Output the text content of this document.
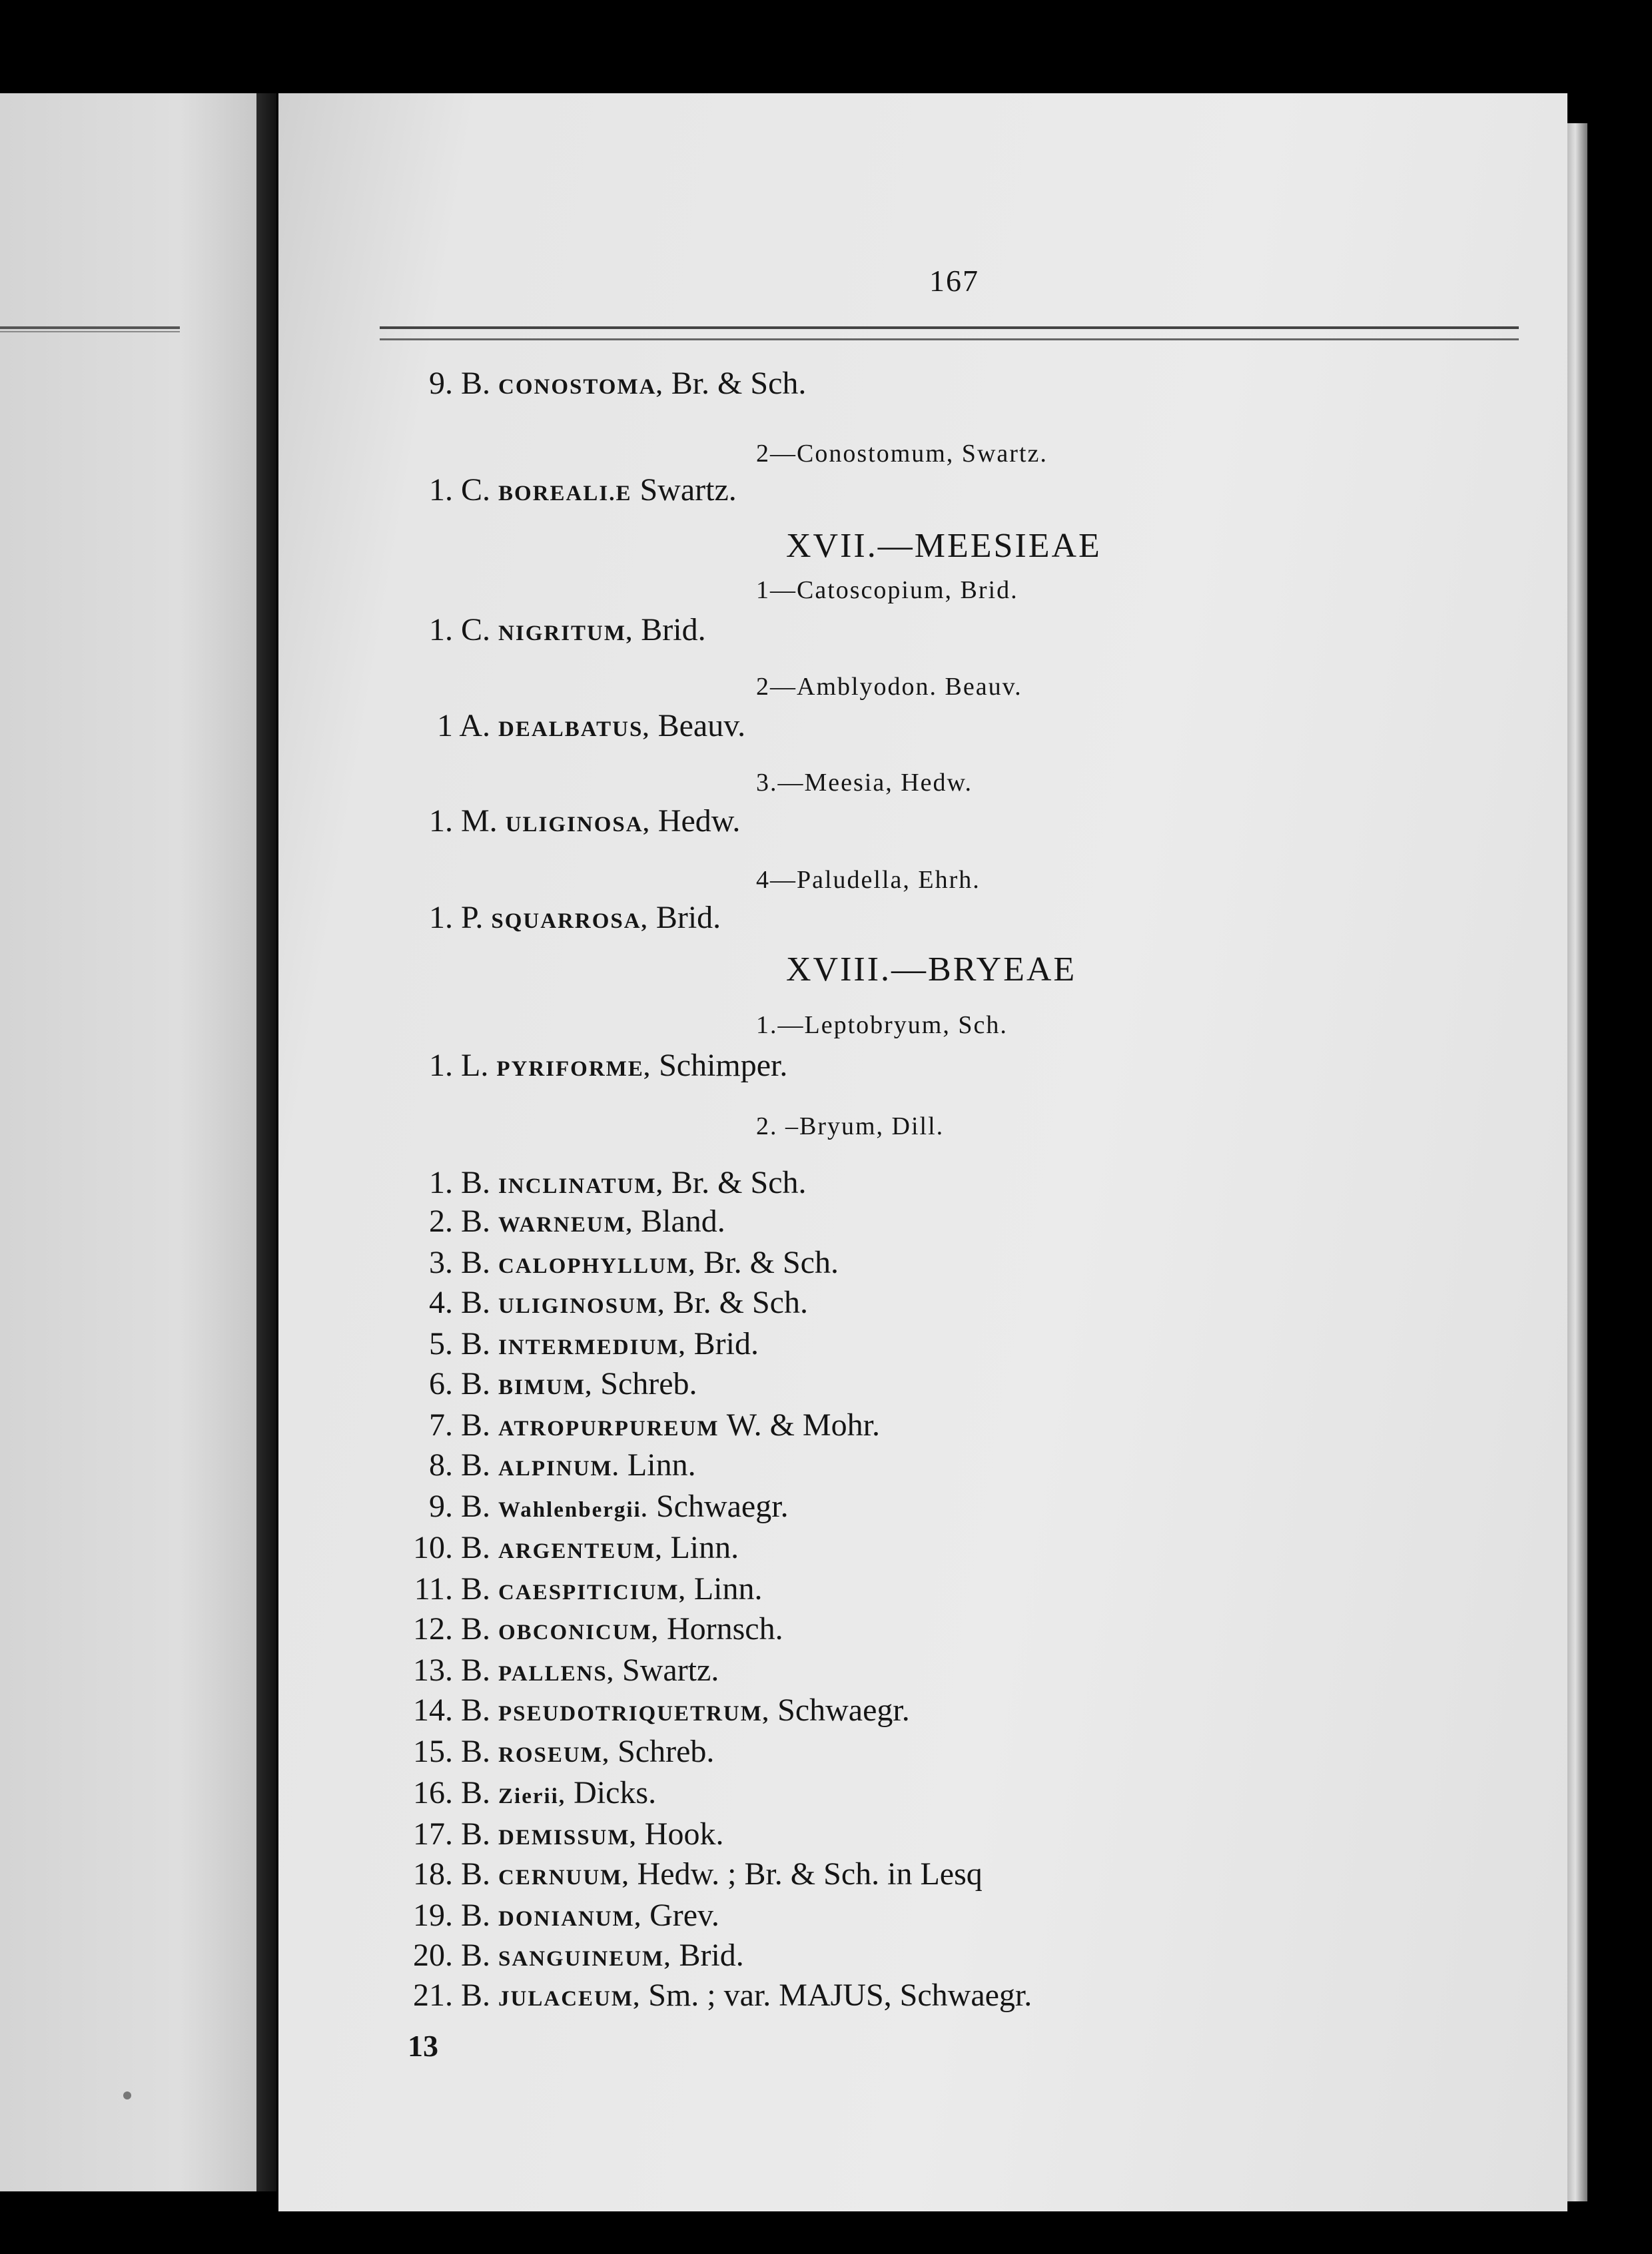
167
9. B. CONOSTOMA, Br. & Sch.
2—Conostomum, Swartz.
1. C. BOREALI.E Swartz.
XVII.—MEESIEAE
1—Catoscopium, Brid.
1. C. NIGRITUM, Brid.
2—Amblyodon. Beauv.
1 A. DEALBATUS, Beauv.
3.—Meesia, Hedw.
1. M. ULIGINOSA, Hedw.
4—Paludella, Ehrh.
1. P. SQUARROSA, Brid.
XVIII.—BRYEAE
1.—Leptobryum, Sch.
1. L. PYRIFORME, Schimper.
2. –Bryum, Dill.
1. B. INCLINATUM, Br. & Sch.
2. B. WARNEUM, Bland.
3. B. CALOPHYLLUM, Br. & Sch.
4. B. ULIGINOSUM, Br. & Sch.
5. B. INTERMEDIUM, Brid.
6. B. BIMUM, Schreb.
7. B. ATROPURPUREUM W. & Mohr.
8. B. ALPINUM. Linn.
9. B. Wahlenbergii. Schwaegr.
10. B. ARGENTEUM, Linn.
11. B. CAESPITICIUM, Linn.
12. B. OBCONICUM, Hornsch.
13. B. PALLENS, Swartz.
14. B. PSEUDOTRIQUETRUM, Schwaegr.
15. B. ROSEUM, Schreb.
16. B. Zierii, Dicks.
17. B. DEMISSUM, Hook.
18. B. CERNUUM, Hedw. ; Br. & Sch. in Lesq
19. B. DONIANUM, Grev.
20. B. SANGUINEUM, Brid.
21. B. JULACEUM, Sm. ; var. MAJUS, Schwaegr.
13
